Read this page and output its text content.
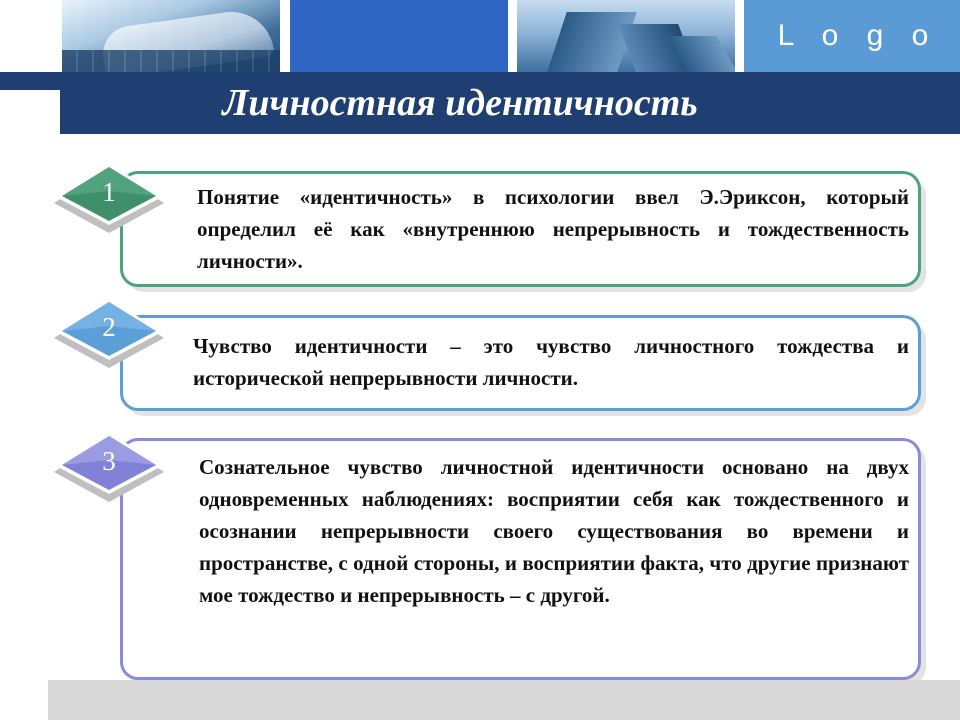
L o g o
Личностная идентичность
Понятие «идентичность» в психологии ввел Э.Эриксон, который определил её как «внутреннюю непрерывность и тождественность личности».
1
Чувство идентичности – это чувство личностного тождества и исторической непрерывности личности.
2
Сознательное чувство личностной идентичности основано на двух одновременных наблюдениях: восприятии себя как тождественного и осознании непрерывности своего существования во времени и пространстве, с одной стороны, и восприятии факта, что другие признают мое тождество и непрерывность – с другой.
3
